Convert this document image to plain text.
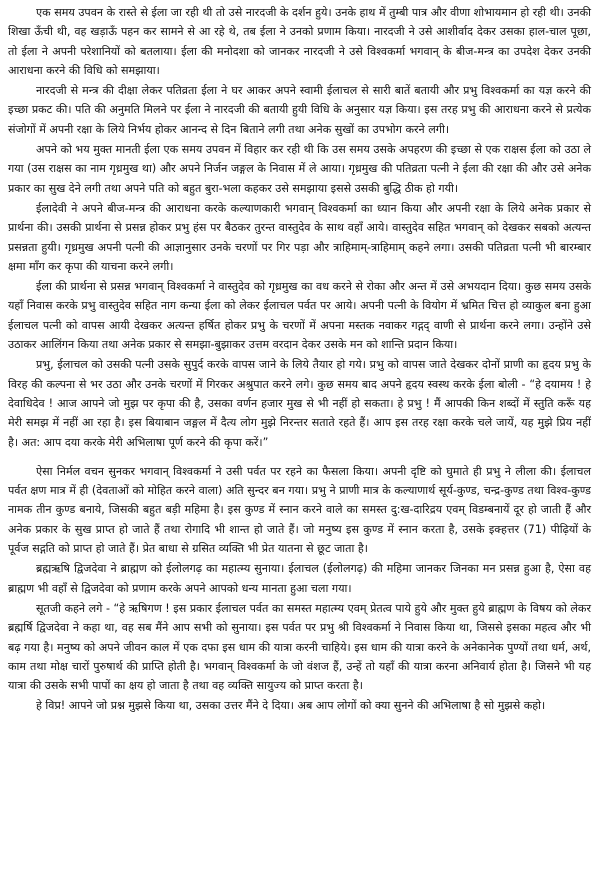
एक समय उपवन के रास्ते से ईला जा रही थी तो उसे नारदजी के दर्शन हुये। उनके हाथ में तुम्बी पात्र और वीणा शोभायमान हो रही थी। उनकी शिखा ऊँची थी, वह खड़ाऊँ पहन कर सामने से आ रहे थे, तब ईला ने उनको प्रणाम किया। नारदजी ने उसे आशीर्वाद देकर उसका हाल-चाल पूछा, तो ईला ने अपनी परेशानियों को बतलाया। ईला की मनोदशा को जानकर नारदजी ने उसे विश्वकर्मा भगवान् के बीज-मन्त्र का उपदेश देकर उनकी आराधना करने की विधि को समझाया।

नारदजी से मन्त्र की दीक्षा लेकर पतिव्रता ईला ने घर आकर अपने स्वामी ईलाचल से सारी बातें बतायी और प्रभु विश्वकर्मा का यज्ञ करने की इच्छा प्रकट की। पति की अनुमति मिलने पर ईला ने नारदजी की बतायी हुयी विधि के अनुसार यज्ञ किया। इस तरह प्रभु की आराधना करने से प्रत्येक संजोगों में अपनी रक्षा के लिये निर्भय होकर आनन्द से दिन बिताने लगी तथा अनेक सुखों का उपभोग करने लगी।

अपने को भय मुक्त मानती ईला एक समय उपवन में विहार कर रही थी कि उस समय उसके अपहरण की इच्छा से एक राक्षस ईला को उठा ले गया (उस राक्षस का नाम गृध्रमुख था) और अपने निर्जन जङ्गल के निवास में ले आया। गृध्रमुख की पतिव्रता पत्नी ने ईला की रक्षा की और उसे अनेक प्रकार का सुख देने लगी तथा अपने पति को बहुत बुरा-भला कहकर उसे समझाया इससे उसकी बुद्धि ठीक हो गयी।

ईलादेवी ने अपने बीज-मन्त्र की आराधना करके कल्याणकारी भगवान् विश्वकर्मा का ध्यान किया और अपनी रक्षा के लिये अनेक प्रकार से प्रार्थना की। उसकी प्रार्थना से प्रसन्न होकर प्रभु हंस पर बैठकर तुरन्त वास्तुदेव के साथ वहाँ आये। वास्तुदेव सहित भगवान् को देखकर सबको अत्यन्त प्रसन्नता हुयी। गृध्रमुख अपनी पत्नी की आज्ञानुसार उनके चरणों पर गिर पड़ा और त्राहिमाम्-त्राहिमाम् कहने लगा। उसकी पतिव्रता पत्नी भी बारम्बार क्षमा माँग कर कृपा की याचना करने लगी।

ईला की प्रार्थना से प्रसन्न भगवान् विश्वकर्मा ने वास्तुदेव को गृध्रमुख का वध करने से रोका और अन्त में उसे अभयदान दिया। कुछ समय उसके यहाँ निवास करके प्रभु वास्तुदेव सहित नाग कन्या ईला को लेकर ईलाचल पर्वत पर आये। अपनी पत्नी के वियोग में भ्रमित चित्त हो व्याकुल बना हुआ ईलाचल पत्नी को वापस आयी देखकर अत्यन्त हर्षित होकर प्रभु के चरणों में अपना मस्तक नवाकर गद्गद् वाणी से प्रार्थना करने लगा। उन्होंने उसे उठाकर आलिंगन किया तथा अनेक प्रकार से समझा-बुझाकर उत्तम वरदान देकर उसके मन को शान्ति प्रदान किया।

प्रभु, ईलाचल को उसकी पत्नी उसके सुपुर्द करके वापस जाने के लिये तैयार हो गये। प्रभु को वापस जाते देखकर दोनों प्राणी का हृदय प्रभु के विरह की कल्पना से भर उठा और उनके चरणों में गिरकर अश्रुपात करने लगे। कुछ समय बाद अपने हृदय स्वस्थ करके ईला बोली - “हे दयामय ! हे देवाधिदेव ! आज आपने जो मुझ पर कृपा की है, उसका वर्णन हजार मुख से भी नहीं हो सकता। हे प्रभु ! मैं आपकी किन शब्दों में स्तुति करूँ यह मेरी समझ में नहीं आ रहा है। इस बियाबान जङ्गल में दैत्य लोग मुझे निरन्तर सताते रहते हैं। आप इस तरह रक्षा करके चले जायें, यह मुझे प्रिय नहीं है। अत: आप दया करके मेरी अभिलाषा पूर्ण करने की कृपा करें।”

ऐसा निर्मल वचन सुनकर भगवान् विश्वकर्मा ने उसी पर्वत पर रहने का फैसला किया। अपनी दृष्टि को घुमाते ही प्रभु ने लीला की। ईलाचल पर्वत क्षण मात्र में ही (देवताओं को मोहित करने वाला) अति सुन्दर बन गया। प्रभु ने प्राणी मात्र के कल्याणार्थ सूर्य-कुण्ड, चन्द्र-कुण्ड तथा विश्व-कुण्ड नामक तीन कुण्ड बनाये, जिसकी बहुत बड़ी महिमा है। इस कुण्ड में स्नान करने वाले का समस्त दु:ख-दारिद्रय एवम् विडम्बनायें दूर हो जाती हैं और अनेक प्रकार के सुख प्राप्त हो जाते हैं तथा रोगादि भी शान्त हो जाते हैं। जो मनुष्य इस कुण्ड में स्नान करता है, उसके इक्हत्तर (71) पीढ़ियों के पूर्वज सद्गति को प्राप्त हो जाते हैं। प्रेत बाधा से ग्रसित व्यक्ति भी प्रेत यातना से छूट जाता है।

ब्रह्मऋषि द्विजदेवा ने ब्राह्मण को ईलोलगढ़ का महात्म्य सुनाया। ईलाचल (ईलोलगढ़) की महिमा जानकर जिनका मन प्रसन्न हुआ है, ऐसा वह ब्राह्मण भी वहाँ से द्विजदेवा को प्रणाम करके अपने आपको धन्य मानता हुआ चला गया।

सूतजी कहने लगे - “हे ऋषिगण ! इस प्रकार ईलाचल पर्वत का समस्त महात्म्य एवम् प्रेतत्व पाये हुये और मुक्त हुये ब्राह्मण के विषय को लेकर ब्रह्मर्षि द्विजदेवा ने कहा था, वह सब मैंने आप सभी को सुनाया। इस पर्वत पर प्रभु श्री विश्वकर्मा ने निवास किया था, जिससे इसका महत्व और भी बढ़ गया है। मनुष्य को अपने जीवन काल में एक दफा इस धाम की यात्रा करनी चाहिये। इस धाम की यात्रा करने के अनेकानेक पुण्यों तथा धर्म, अर्थ, काम तथा मोक्ष चारों पुरुषार्थ की प्राप्ति होती है। भगवान् विश्वकर्मा के जो वंशज हैं, उन्हें तो यहाँ की यात्रा करना अनिवार्य होता है। जिसने भी यह यात्रा की उसके सभी पापों का क्षय हो जाता है तथा वह व्यक्ति सायुज्य को प्राप्त करता है।

हे विप्र! आपने जो प्रश्न मुझसे किया था, उसका उत्तर मैंने दे दिया। अब आप लोगों को क्या सुनने की अभिलाषा है सो मुझसे कहो।
